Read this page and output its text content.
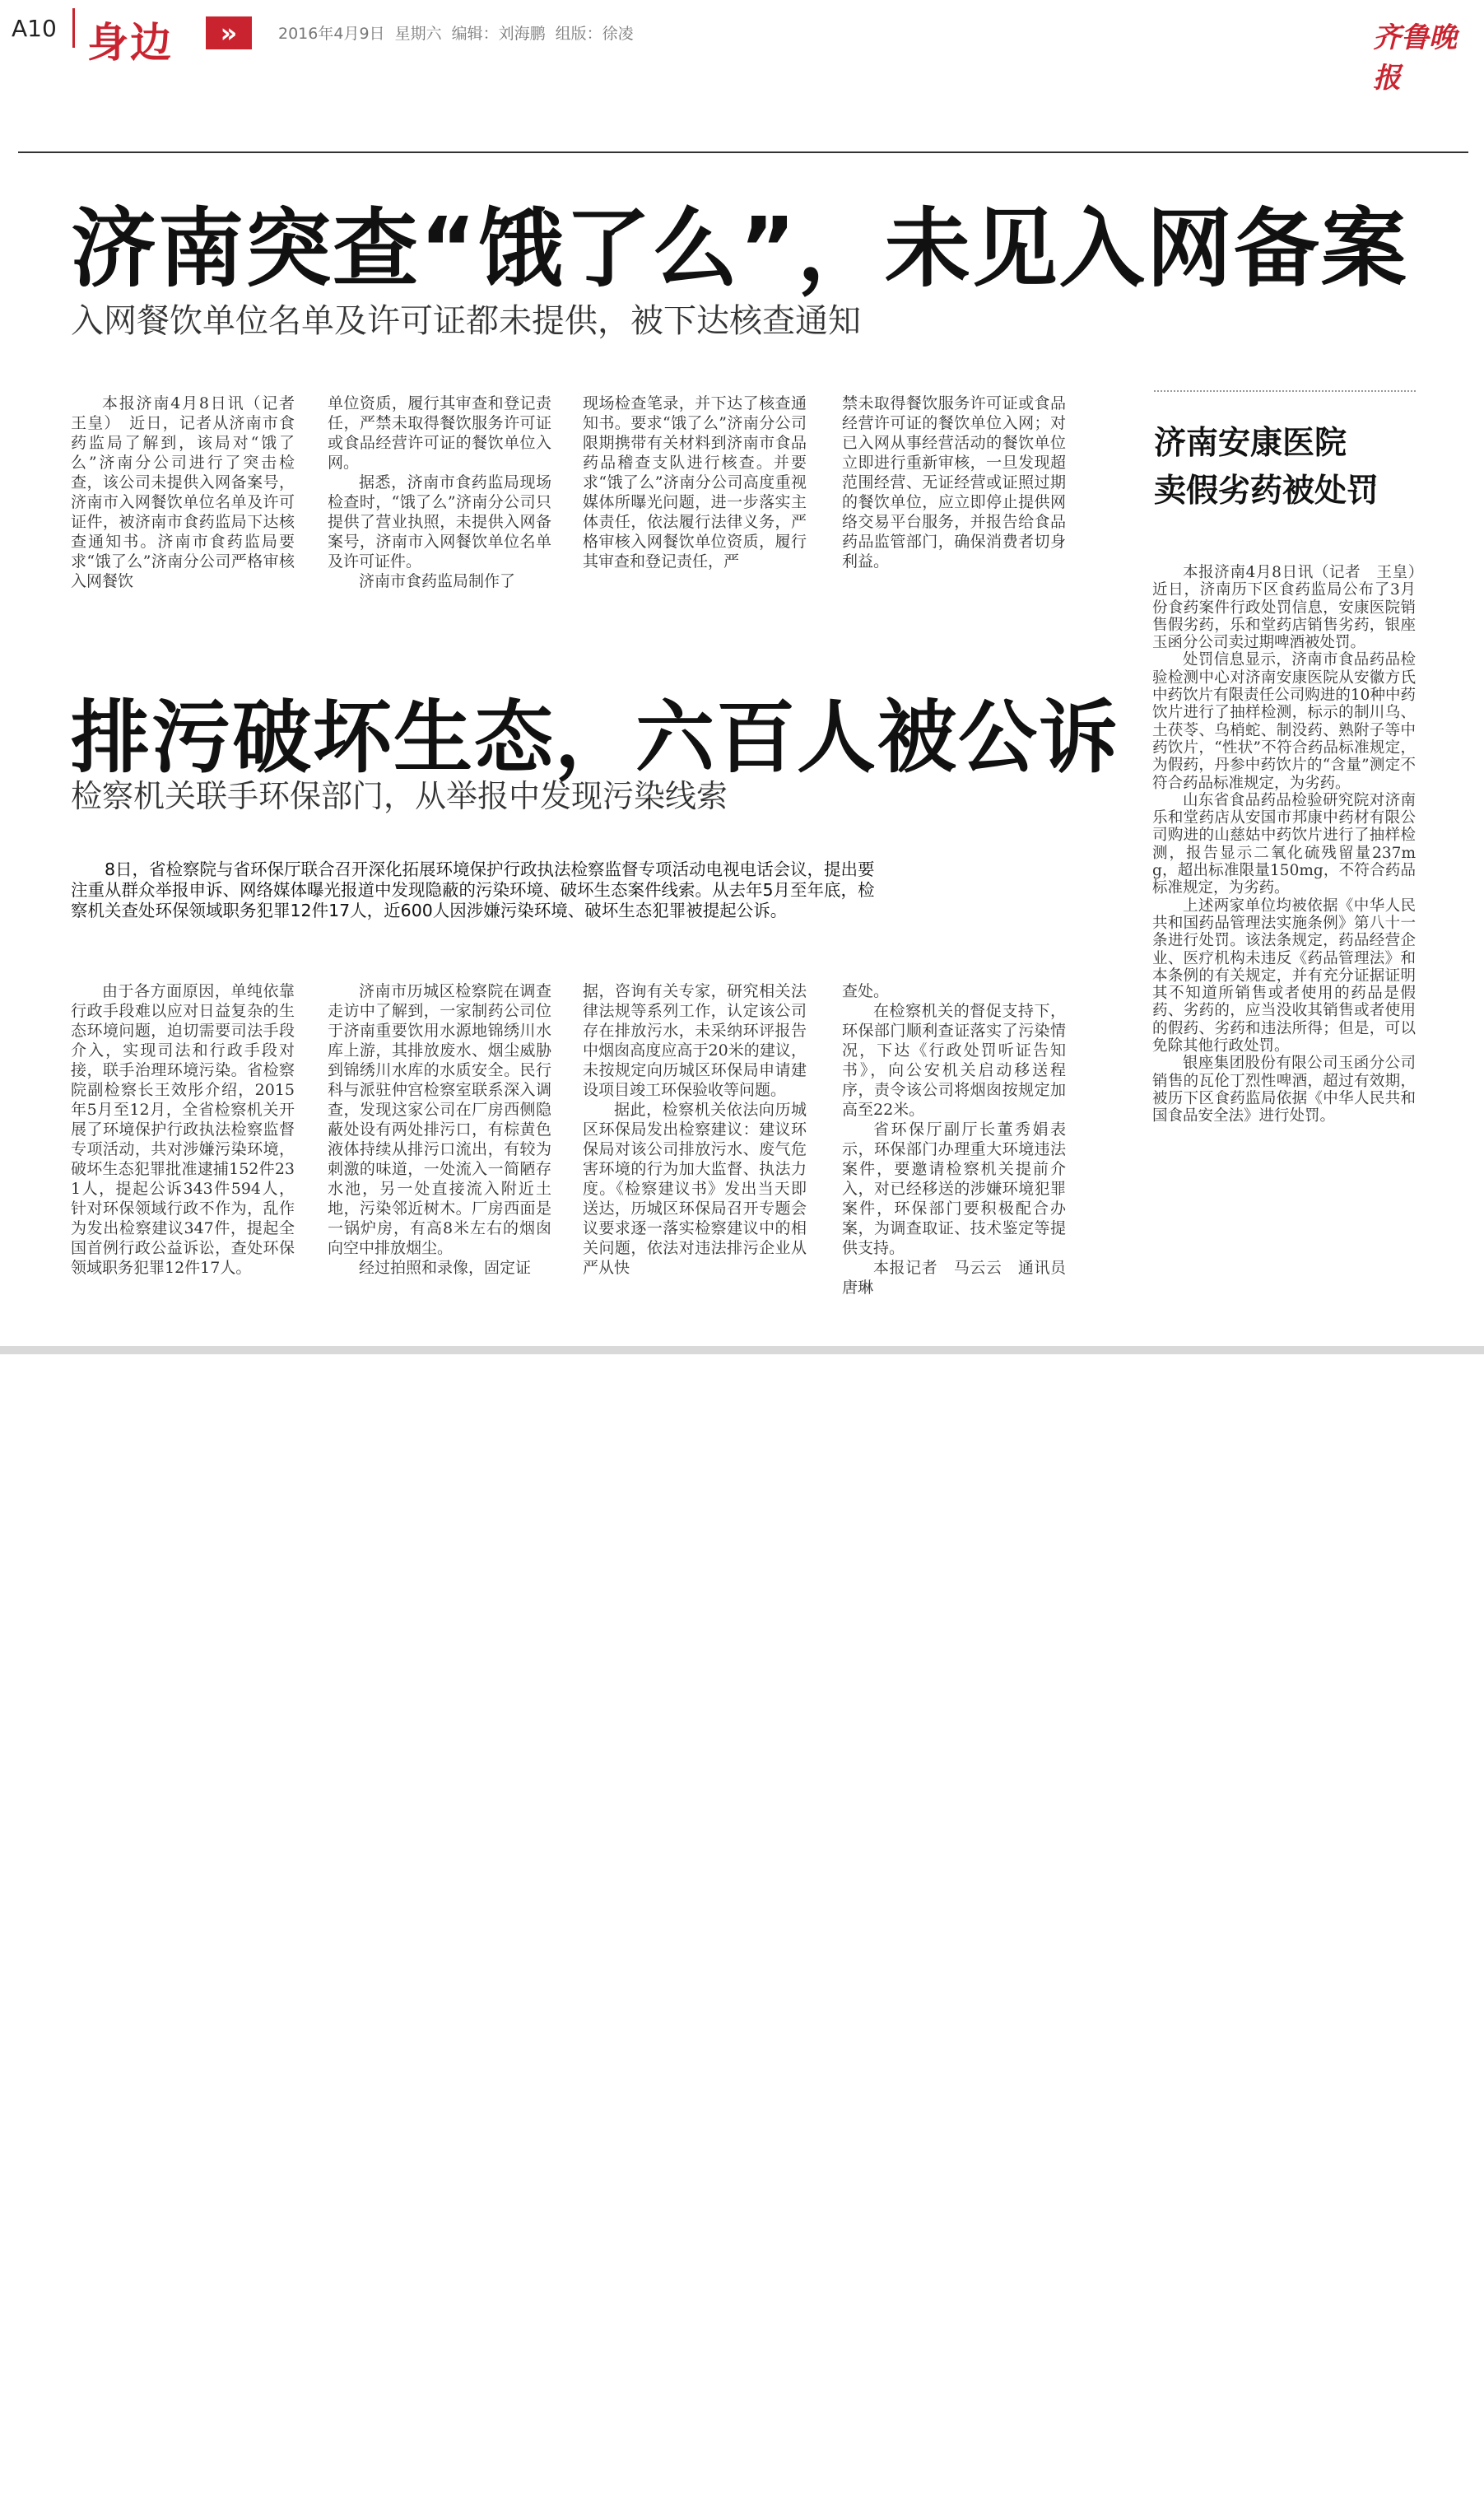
A10 身边	»	2016年4月9日 星期六 编辑：刘海鹏 组版：徐凌	齐鲁晚报
济南突查“饿了么”，未见入网备案
入网餐饮单位名单及许可证都未提供，被下达核查通知

本报济南4月8日讯（记者　王皇）　近日，记者从济南市食药监局了解到，该局对“饿了么”济南分公司进行了突击检查，该公司未提供入网备案号，济南市入网餐饮单位名单及许可证件，被济南市食药监局下达核查通知书。济南市食药监局要求“饿了么”济南分公司严格审核入网餐饮

单位资质，履行其审查和登记责任，严禁未取得餐饮服务许可证或食品经营许可证的餐饮单位入网。

据悉，济南市食药监局现场检查时，“饿了么”济南分公司只提供了营业执照，未提供入网备案号，济南市入网餐饮单位名单及许可证件。

济南市食药监局制作了

现场检查笔录，并下达了核查通知书。要求“饿了么”济南分公司限期携带有关材料到济南市食品药品稽查支队进行核查。并要求“饿了么”济南分公司高度重视媒体所曝光问题，进一步落实主体责任，依法履行法律义务，严格审核入网餐饮单位资质，履行其审查和登记责任，严

禁未取得餐饮服务许可证或食品经营许可证的餐饮单位入网；对已入网从事经营活动的餐饮单位立即进行重新审核，一旦发现超范围经营、无证经营或证照过期的餐饮单位，应立即停止提供网络交易平台服务，并报告给食品药品监管部门，确保消费者切身利益。

排污破坏生态，六百人被公诉
检察机关联手环保部门，从举报中发现污染线索

8日，省检察院与省环保厅联合召开深化拓展环境保护行政执法检察监督专项活动电视电话会议，提出要注重从群众举报申诉、网络媒体曝光报道中发现隐蔽的污染环境、破坏生态案件线索。从去年5月至年底，检察机关查处环保领域职务犯罪12件17人，近600人因涉嫌污染环境、破坏生态犯罪被提起公诉。

由于各方面原因，单纯依靠行政手段难以应对日益复杂的生态环境问题，迫切需要司法手段介入，实现司法和行政手段对接，联手治理环境污染。省检察院副检察长王效彤介绍，2015年5月至12月，全省检察机关开展了环境保护行政执法检察监督专项活动，共对涉嫌污染环境，破坏生态犯罪批准逮捕152件231人，提起公诉343件594人，针对环保领域行政不作为，乱作为发出检察建议347件，提起全国首例行政公益诉讼，查处环保领域职务犯罪12件17人。

济南市历城区检察院在调查走访中了解到，一家制药公司位于济南重要饮用水源地锦绣川水库上游，其排放废水、烟尘威胁到锦绣川水库的水质安全。民行科与派驻仲宫检察室联系深入调查，发现这家公司在厂房西侧隐蔽处设有两处排污口，有棕黄色液体持续从排污口流出，有较为刺激的味道，一处流入一简陋存水池，另一处直接流入附近土地，污染邻近树木。厂房西面是一锅炉房，有高8米左右的烟囱向空中排放烟尘。

经过拍照和录像，固定证

据，咨询有关专家，研究相关法律法规等系列工作，认定该公司存在排放污水，未采纳环评报告中烟囱高度应高于20米的建议，未按规定向历城区环保局申请建设项目竣工环保验收等问题。

据此，检察机关依法向历城区环保局发出检察建议：建议环保局对该公司排放污水、废气危害环境的行为加大监督、执法力度。《检察建议书》发出当天即送达，历城区环保局召开专题会议要求逐一落实检察建议中的相关问题，依法对违法排污企业从严从快

查处。

在检察机关的督促支持下，环保部门顺利查证落实了污染情况，下达《行政处罚听证告知书》，向公安机关启动移送程序，责令该公司将烟囱按规定加高至22米。

省环保厅副厅长董秀娟表示，环保部门办理重大环境违法案件，要邀请检察机关提前介入，对已经移送的涉嫌环境犯罪案件，环保部门要积极配合办案，为调查取证、技术鉴定等提供支持。

本报记者　马云云　通讯员　唐琳

济南安康医院
卖假劣药被处罚

本报济南4月8日讯（记者　王皇）　近日，济南历下区食药监局公布了3月份食药案件行政处罚信息，安康医院销售假劣药，乐和堂药店销售劣药，银座玉函分公司卖过期啤酒被处罚。

处罚信息显示，济南市食品药品检验检测中心对济南安康医院从安徽方氏中药饮片有限责任公司购进的10种中药饮片进行了抽样检测，标示的制川乌、土茯苓、乌梢蛇、制没药、熟附子等中药饮片，“性状”不符合药品标准规定，为假药，丹参中药饮片的“含量”测定不符合药品标准规定，为劣药。

山东省食品药品检验研究院对济南乐和堂药店从安国市邦康中药材有限公司购进的山慈姑中药饮片进行了抽样检测，报告显示二氧化硫残留量237mg，超出标准限量150mg，不符合药品标准规定，为劣药。

上述两家单位均被依据《中华人民共和国药品管理法实施条例》第八十一条进行处罚。该法条规定，药品经营企业、医疗机构未违反《药品管理法》和本条例的有关规定，并有充分证据证明其不知道所销售或者使用的药品是假药、劣药的，应当没收其销售或者使用的假药、劣药和违法所得；但是，可以免除其他行政处罚。

银座集团股份有限公司玉函分公司销售的瓦伦丁烈性啤酒，超过有效期，被历下区食药监局依据《中华人民共和国食品安全法》进行处罚。
